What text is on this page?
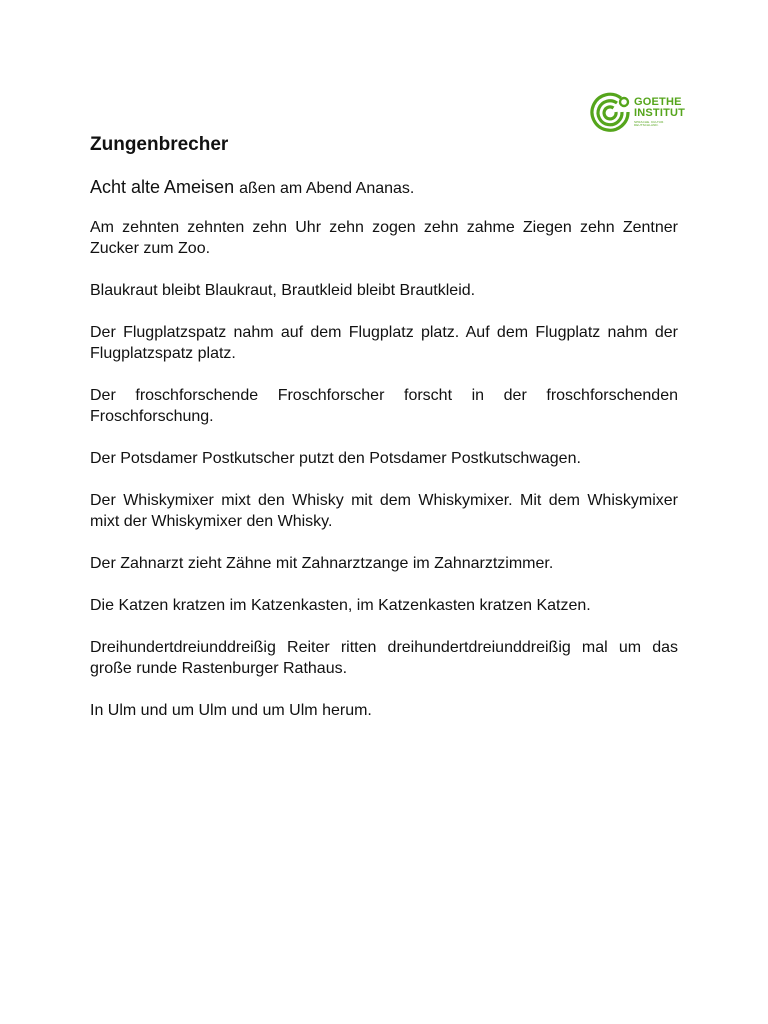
GOETHE
INSTITUT
SPRACHE. KULTUR. DEUTSCHLAND.
Zungenbrecher

Acht alte Ameisen aßen am Abend Ananas.

Am zehnten zehnten zehn Uhr zehn zogen zehn zahme Ziegen zehn Zentner Zucker zum Zoo.

Blaukraut bleibt Blaukraut, Brautkleid bleibt Brautkleid.

Der Flugplatzspatz nahm auf dem Flugplatz platz. Auf dem Flugplatz nahm der Flugplatzspatz platz.

Der froschforschende Froschforscher forscht in der froschforschenden Froschforschung.

Der Potsdamer Postkutscher putzt den Potsdamer Postkutschwagen.

Der Whiskymixer mixt den Whisky mit dem Whiskymixer. Mit dem Whiskymixer mixt der Whiskymixer den Whisky.

Der Zahnarzt zieht Zähne mit Zahnarztzange im Zahnarztzimmer.

Die Katzen kratzen im Katzenkasten, im Katzenkasten kratzen Katzen.

Dreihundertdreiunddreißig Reiter ritten dreihundertdreiunddreißig mal um das große runde Rastenburger Rathaus.

In Ulm und um Ulm und um Ulm herum.
